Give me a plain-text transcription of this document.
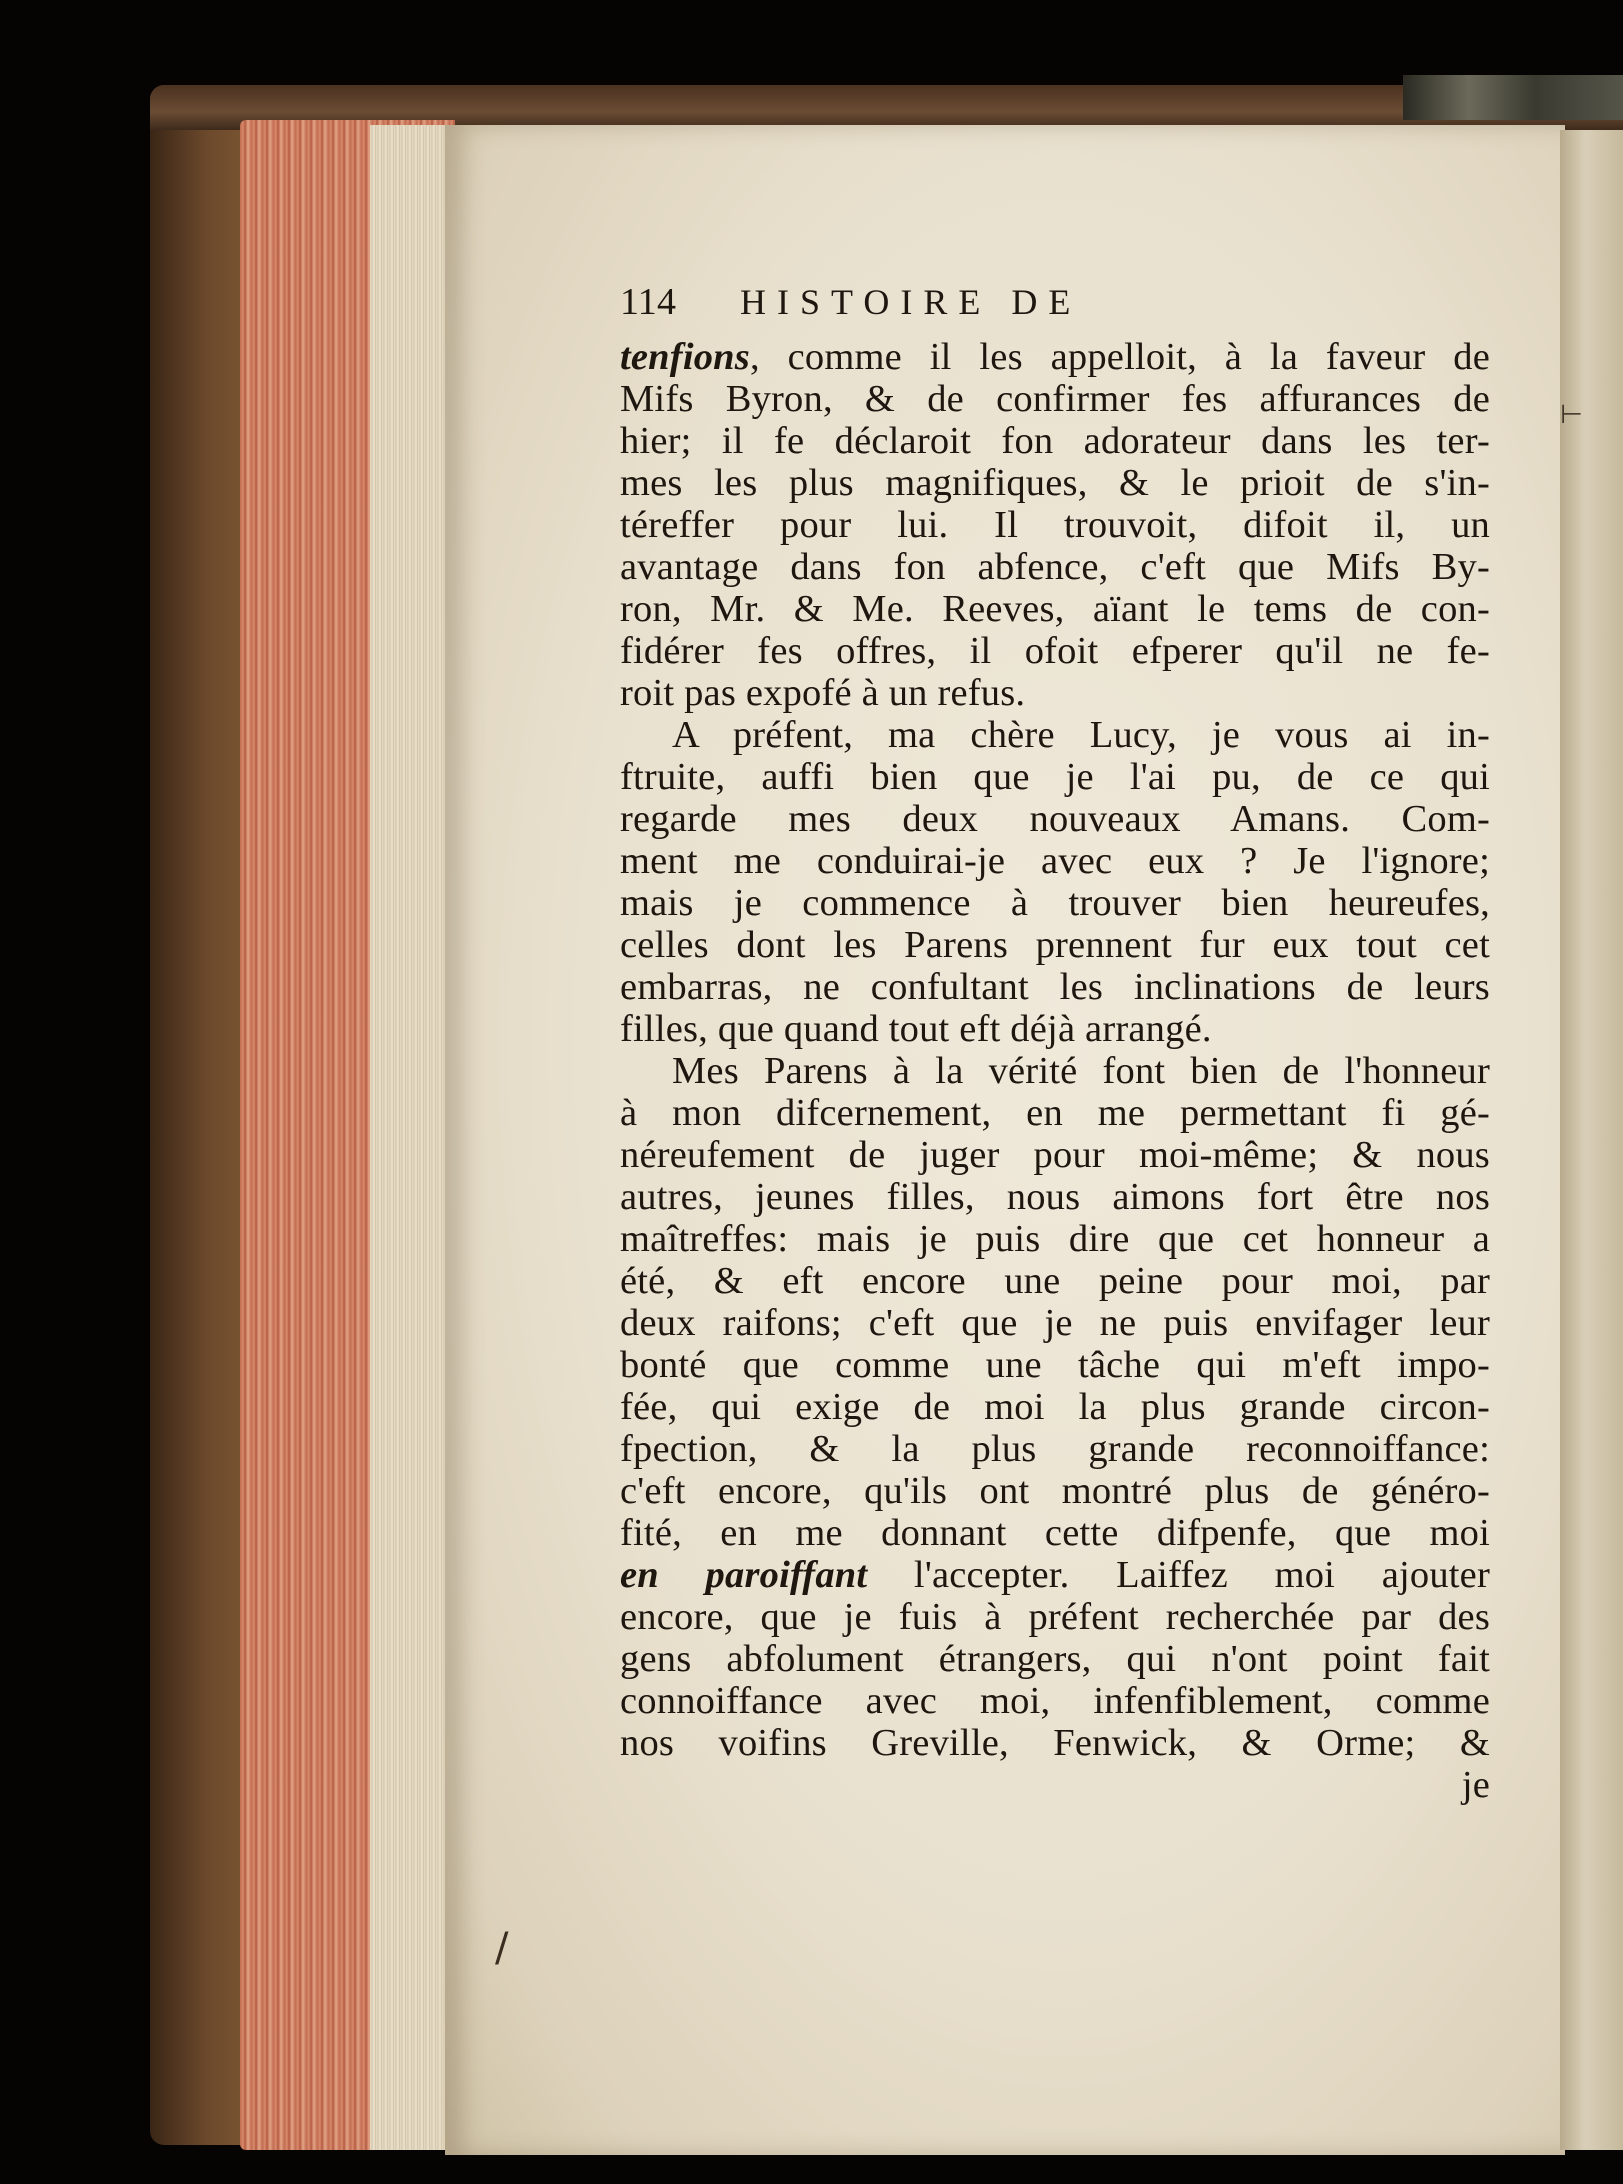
114	HISTOIRE DE
tenfions, comme il les appelloit, à la faveur de
Mifs Byron, & de confirmer fes affurances de
hier; il fe déclaroit fon adorateur dans les ter-
mes les plus magnifiques, & le prioit de s'in-
téreffer pour lui. Il trouvoit, difoit il, un
avantage dans fon abfence, c'eft que Mifs By-
ron, Mr. & Me. Reeves, aïant le tems de con-
fidérer fes offres, il ofoit efperer qu'il ne fe-
roit pas expofé à un refus.
A préfent, ma chère Lucy, je vous ai in-
ftruite, auffi bien que je l'ai pu, de ce qui
regarde mes deux nouveaux Amans. Com-
ment me conduirai-je avec eux ? Je l'ignore;
mais je commence à trouver bien heureufes,
celles dont les Parens prennent fur eux tout cet
embarras, ne confultant les inclinations de leurs
filles, que quand tout eft déjà arrangé.
Mes Parens à la vérité font bien de l'honneur
à mon difcernement, en me permettant fi gé-
néreufement de juger pour moi-même; & nous
autres, jeunes filles, nous aimons fort être nos
maîtreffes: mais je puis dire que cet honneur a
été, & eft encore une peine pour moi, par
deux raifons; c'eft que je ne puis envifager leur
bonté que comme une tâche qui m'eft impo-
fée, qui exige de moi la plus grande circon-
fpection, & la plus grande reconnoiffance:
c'eft encore, qu'ils ont montré plus de généro-
fité, en me donnant cette difpenfe, que moi
en paroiffant l'accepter. Laiffez moi ajouter
encore, que je fuis à préfent recherchée par des
gens abfolument étrangers, qui n'ont point fait
connoiffance avec moi, infenfiblement, comme
nos voifins Greville, Fenwick, & Orme; &
je
⊢
/
